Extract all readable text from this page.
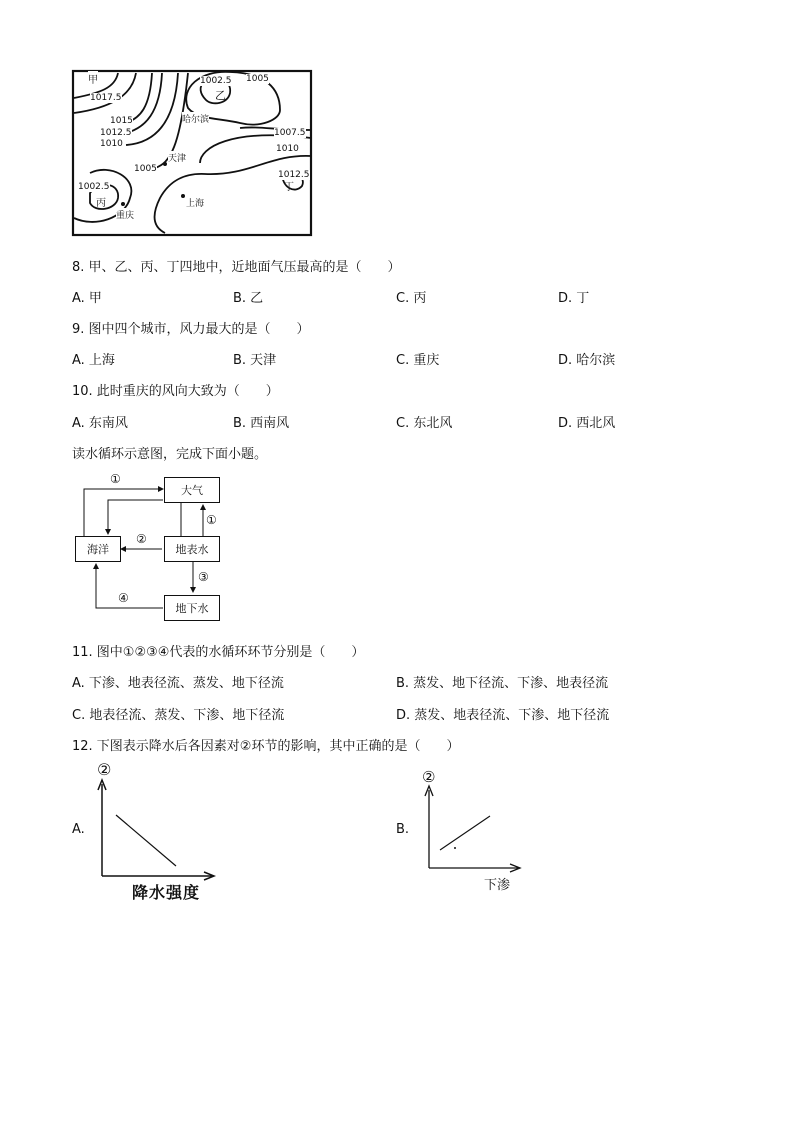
甲
乙
丙
丁
哈尔滨
天津
上海
重庆
1017.5
1015
1012.5
1010
1005
1002.5 1005
1007.5
1010
1012.5
1002.5
8. 甲、乙、丙、丁四地中，近地面气压最高的是（　　）
A. 甲	B. 乙	C. 丙	D. 丁
9. 图中四个城市，风力最大的是（　　）
A. 上海	B. 天津	C. 重庆	D. 哈尔滨
10. 此时重庆的风向大致为（　　）
A. 东南风	B. 西南风	C. 东北风	D. 西北风
读水循环示意图，完成下面小题。
大气
海洋	地表水
地下水
①
①
②
③
④
11. 图中①②③④代表的水循环环节分别是（　　）
A. 下渗、地表径流、蒸发、地下径流	B. 蒸发、地下径流、下渗、地表径流
C. 地表径流、蒸发、下渗、地下径流	D. 蒸发、地表径流、下渗、地下径流
12. 下图表示降水后各因素对②环节的影响，其中正确的是（　　）
A.
②
降水强度
B.
②
下渗
